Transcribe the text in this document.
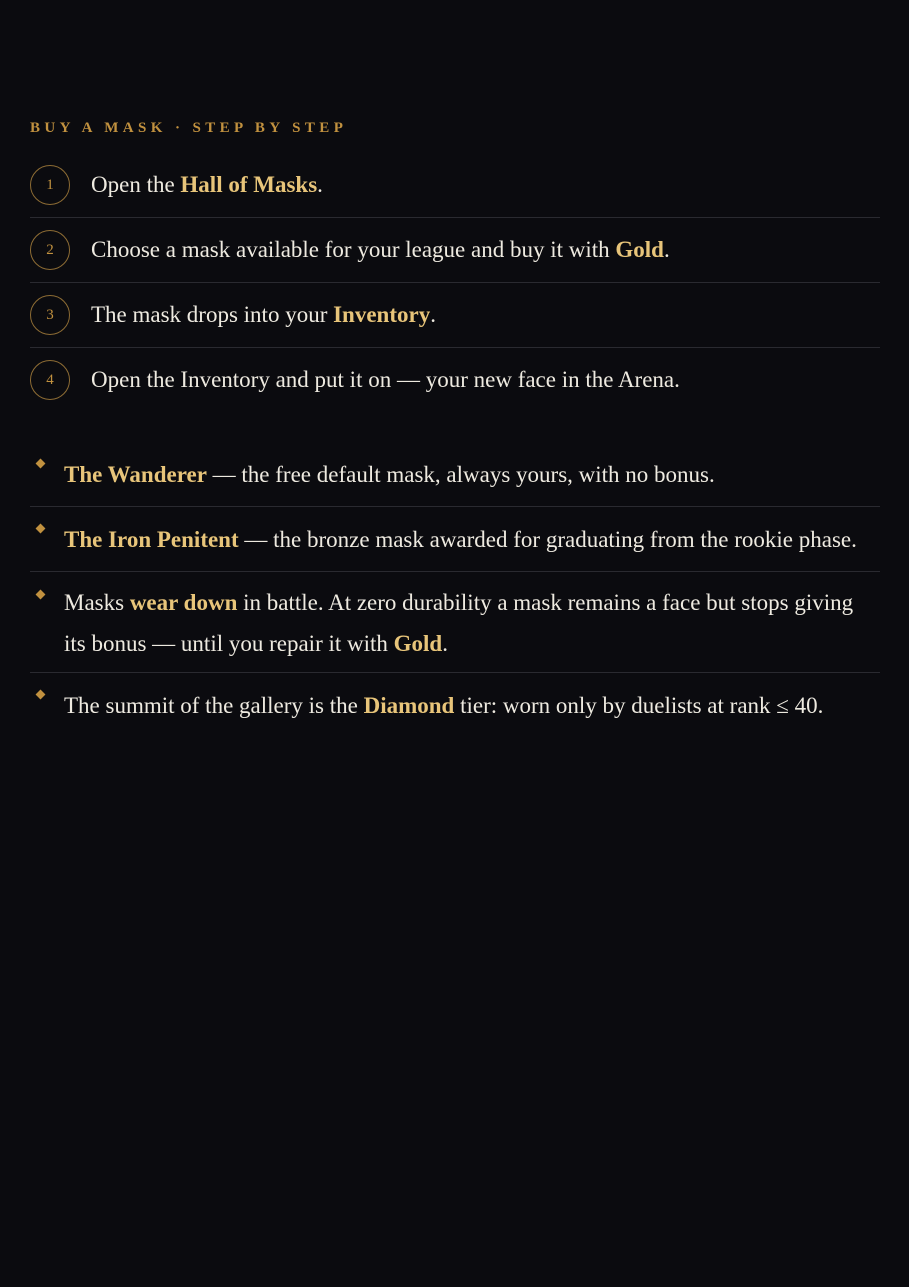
BUY A MASK · STEP BY STEP
1	Open the Hall of Masks.
2	Choose a mask available for your league and buy it with Gold.
3	The mask drops into your Inventory.
4	Open the Inventory and put it on — your new face in the Arena.
The Wanderer — the free default mask, always yours, with no bonus.
The Iron Penitent — the bronze mask awarded for graduating from the rookie phase.
Masks wear down in battle. At zero durability a mask remains a face but stops giving its bonus — until you repair it with Gold.
The summit of the gallery is the Diamond tier: worn only by duelists at rank ≤ 40.
